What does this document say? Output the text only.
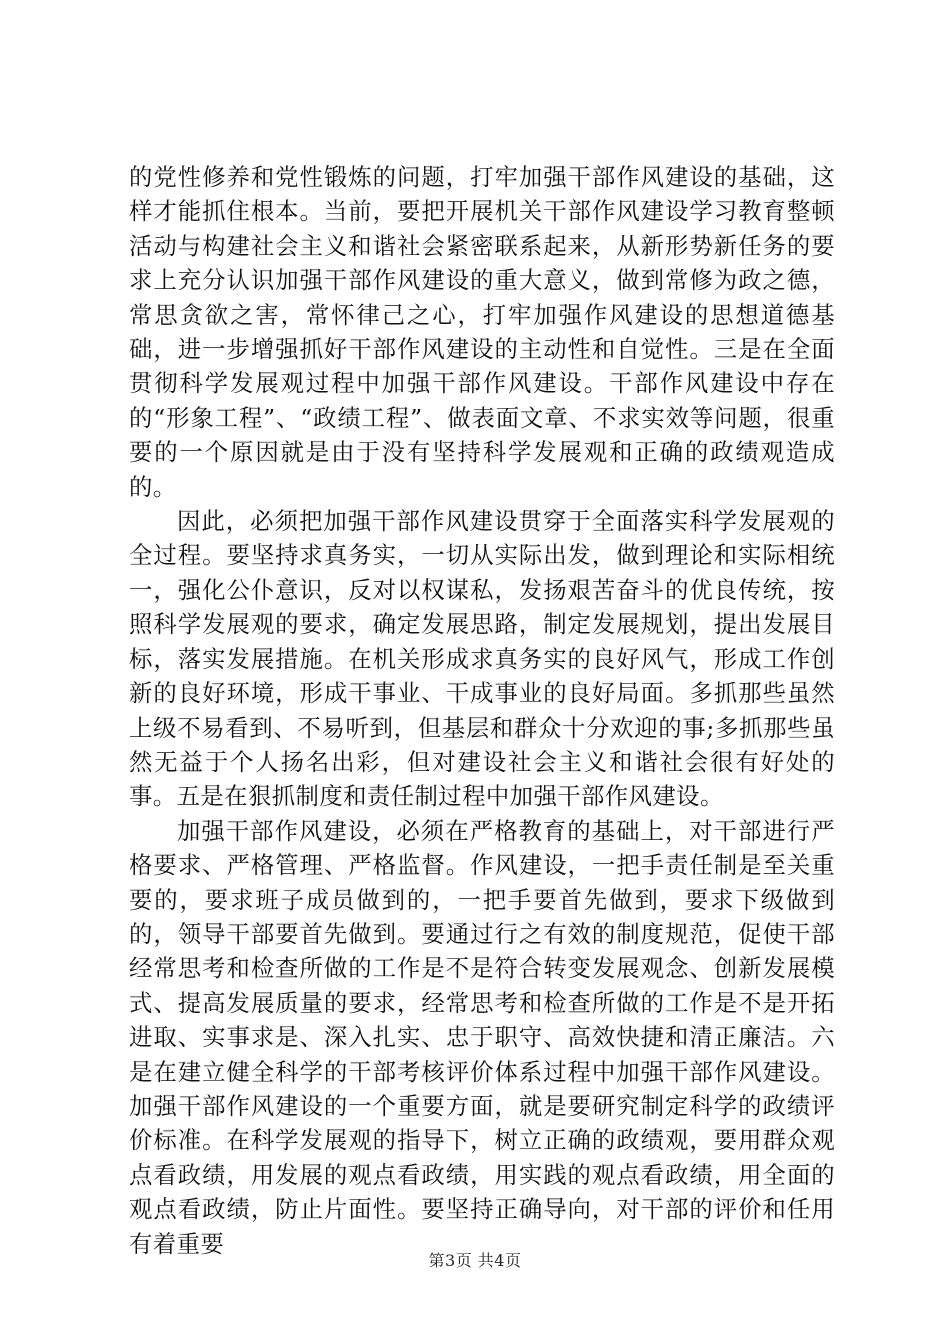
的党性修养和党性锻炼的问题，打牢加强干部作风建设的基础，这样才能抓住根本。当前，要把开展机关干部作风建设学习教育整顿活动与构建社会主义和谐社会紧密联系起来，从新形势新任务的要求上充分认识加强干部作风建设的重大意义，做到常修为政之德，常思贪欲之害，常怀律己之心，打牢加强作风建设的思想道德基础，进一步增强抓好干部作风建设的主动性和自觉性。三是在全面贯彻科学发展观过程中加强干部作风建设。干部作风建设中存在的“形象工程”、“政绩工程”、做表面文章、不求实效等问题，很重要的一个原因就是由于没有坚持科学发展观和正确的政绩观造成的。

因此，必须把加强干部作风建设贯穿于全面落实科学发展观的全过程。要坚持求真务实，一切从实际出发，做到理论和实际相统一，强化公仆意识，反对以权谋私，发扬艰苦奋斗的优良传统，按照科学发展观的要求，确定发展思路，制定发展规划，提出发展目标，落实发展措施。在机关形成求真务实的良好风气，形成工作创新的良好环境，形成干事业、干成事业的良好局面。多抓那些虽然上级不易看到、不易听到，但基层和群众十分欢迎的事;多抓那些虽然无益于个人扬名出彩，但对建设社会主义和谐社会很有好处的事。五是在狠抓制度和责任制过程中加强干部作风建设。

加强干部作风建设，必须在严格教育的基础上，对干部进行严格要求、严格管理、严格监督。作风建设，一把手责任制是至关重要的，要求班子成员做到的，一把手要首先做到，要求下级做到的，领导干部要首先做到。要通过行之有效的制度规范，促使干部经常思考和检查所做的工作是不是符合转变发展观念、创新发展模式、提高发展质量的要求，经常思考和检查所做的工作是不是开拓进取、实事求是、深入扎实、忠于职守、高效快捷和清正廉洁。六是在建立健全科学的干部考核评价体系过程中加强干部作风建设。加强干部作风建设的一个重要方面，就是要研究制定科学的政绩评价标准。在科学发展观的指导下，树立正确的政绩观，要用群众观点看政绩，用发展的观点看政绩，用实践的观点看政绩，用全面的观点看政绩，防止片面性。要坚持正确导向，对干部的评价和任用有着重要

第3页 共4页
